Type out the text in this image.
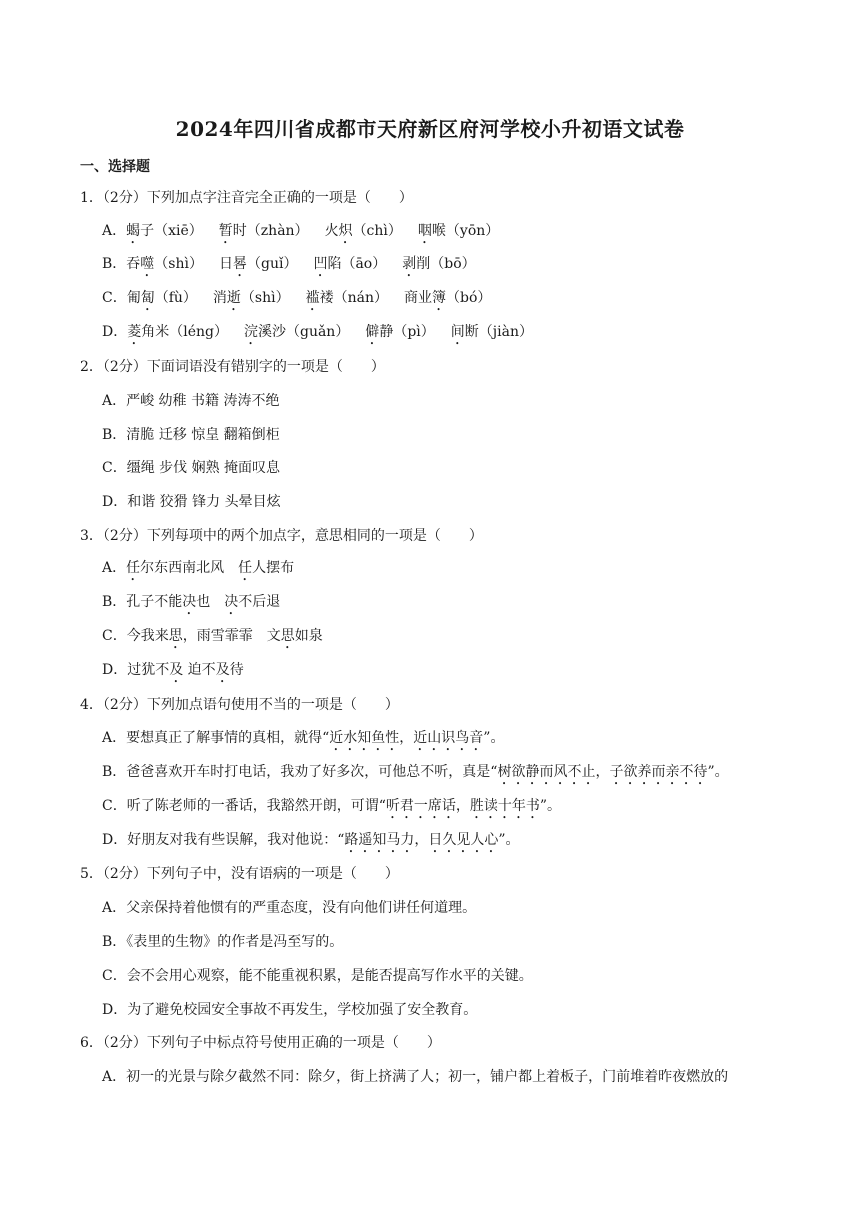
2024年四川省成都市天府新区府河学校小升初语文试卷
一、选择题
1．（2分）下列加点字注音完全正确的一项是（　　）
A．蝎子（xiē） 暂时（zhàn） 火炽（chì） 咽喉（yōn）
B．吞噬（shì） 日晷（guǐ） 凹陷（āo） 剥削（bō）
C．匍匐（fù） 消逝（shì） 褴褛（nán） 商业簿（bó）
D．菱角米（léng） 浣溪沙（guǎn） 僻静（pì） 间断（jiàn）
2．（2分）下面词语没有错别字的一项是（　　）
A．严峻 幼稚 书籍 涛涛不绝
B．清脆 迁移 惊皇 翻箱倒柜
C．缰绳 步伐 娴熟 掩面叹息
D．和谐 狡猾 锋力 头晕目炫
3．（2分）下列每项中的两个加点字，意思相同的一项是（　　）
A．任尔东西南北风　任人摆布
B．孔子不能决也　决不后退
C．今我来思，雨雪霏霏　文思如泉
D．过犹不及 迫不及待
4．（2分）下列加点语句使用不当的一项是（　　）
A．要想真正了解事情的真相，就得“近水知鱼性，近山识鸟音”。
B．爸爸喜欢开车时打电话，我劝了好多次，可他总不听，真是“树欲静而风不止，子欲养而亲不待”。
C．听了陈老师的一番话，我豁然开朗，可谓“听君一席话，胜读十年书”。
D．好朋友对我有些误解，我对他说：“路遥知马力，日久见人心”。
5．（2分）下列句子中，没有语病的一项是（　　）
A．父亲保持着他惯有的严重态度，没有向他们讲任何道理。
B．《表里的生物》的作者是冯至写的。
C．会不会用心观察，能不能重视积累，是能否提高写作水平的关键。
D．为了避免校园安全事故不再发生，学校加强了安全教育。
6．（2分）下列句子中标点符号使用正确的一项是（　　）
A．初一的光景与除夕截然不同：除夕，街上挤满了人；初一，铺户都上着板子，门前堆着昨夜燃放的
